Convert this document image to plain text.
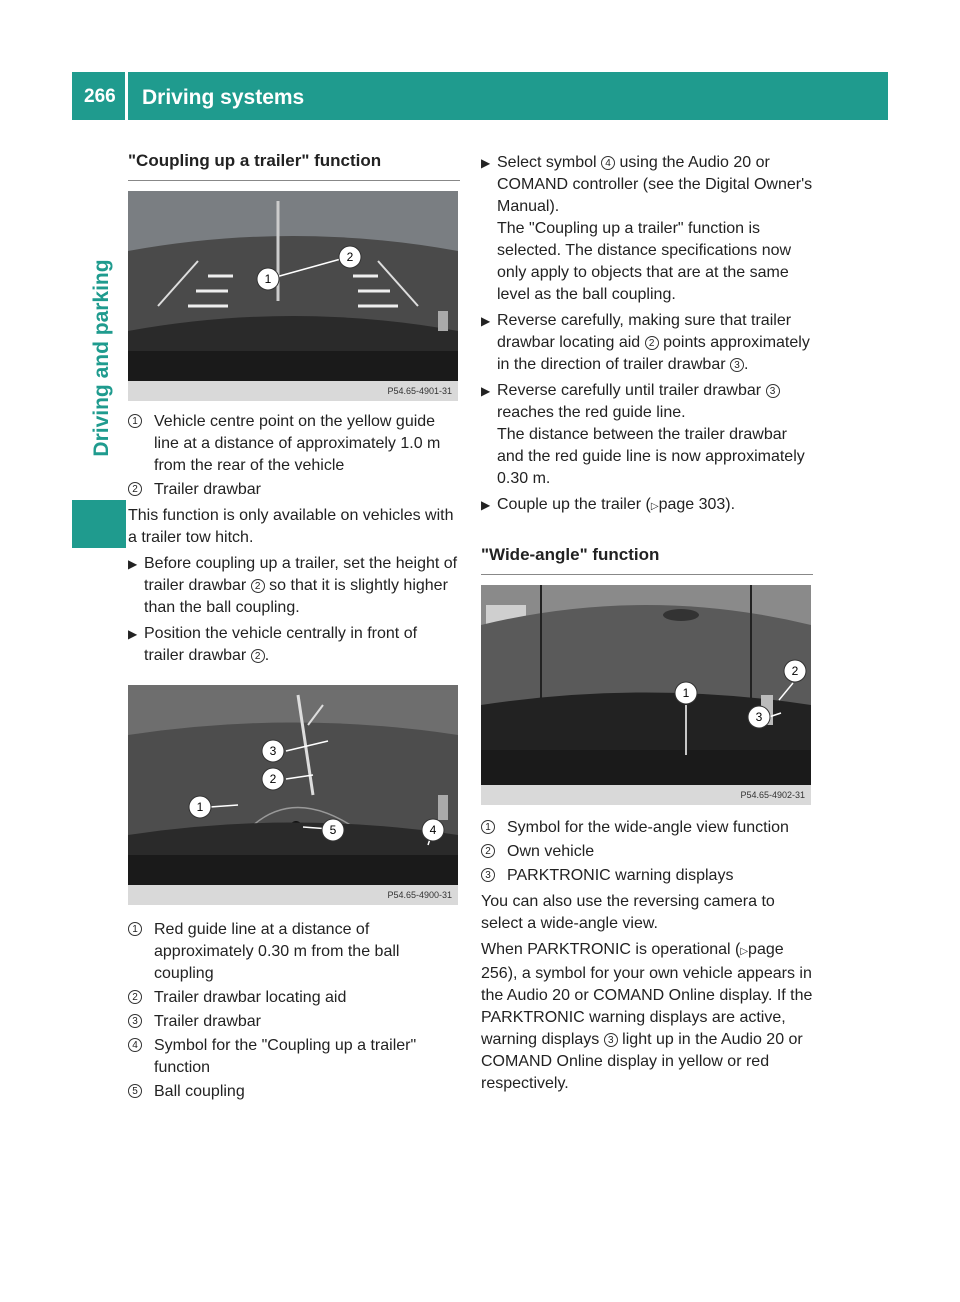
266 Driving systems
Driving and parking
"Coupling up a trailer" function
1
2
P54.65-4901-31
1 Vehicle centre point on the yellow guide line at a distance of approximately 1.0 m from the rear of the vehicle
2 Trailer drawbar
This function is only available on vehicles with a trailer tow hitch.
▶ Before coupling up a trailer, set the height of trailer drawbar 2 so that it is slightly higher than the ball coupling.
▶ Position the vehicle centrally in front of trailer drawbar 2 .
1
2
3
4
5
P54.65-4900-31
1 Red guide line at a distance of approximately 0.30 m from the ball coupling
2 Trailer drawbar locating aid
3 Trailer drawbar
4 Symbol for the "Coupling up a trailer" function
5 Ball coupling
▶ Select symbol 4 using the Audio 20 or COMAND controller (see the Digital Owner's Manual).
The "Coupling up a trailer" function is selected. The distance specifications now only apply to objects that are at the same level as the ball coupling.
▶ Reverse carefully, making sure that trailer drawbar locating aid 2 points approximately in the direction of trailer drawbar 3 .
▶ Reverse carefully until trailer drawbar 3 reaches the red guide line.
The distance between the trailer drawbar and the red guide line is now approximately 0.30 m.
▶ Couple up the trailer (▷page 303).
"Wide-angle" function
1
2
3
P54.65-4902-31
1 Symbol for the wide-angle view function
2 Own vehicle
3 PARKTRONIC warning displays
You can also use the reversing camera to select a wide-angle view.
When PARKTRONIC is operational (▷page 256), a symbol for your own vehicle appears in the Audio 20 or COMAND Online display. If the PARKTRONIC warning displays are active, warning displays 3 light up in the Audio 20 or COMAND Online display in yellow or red respectively.
